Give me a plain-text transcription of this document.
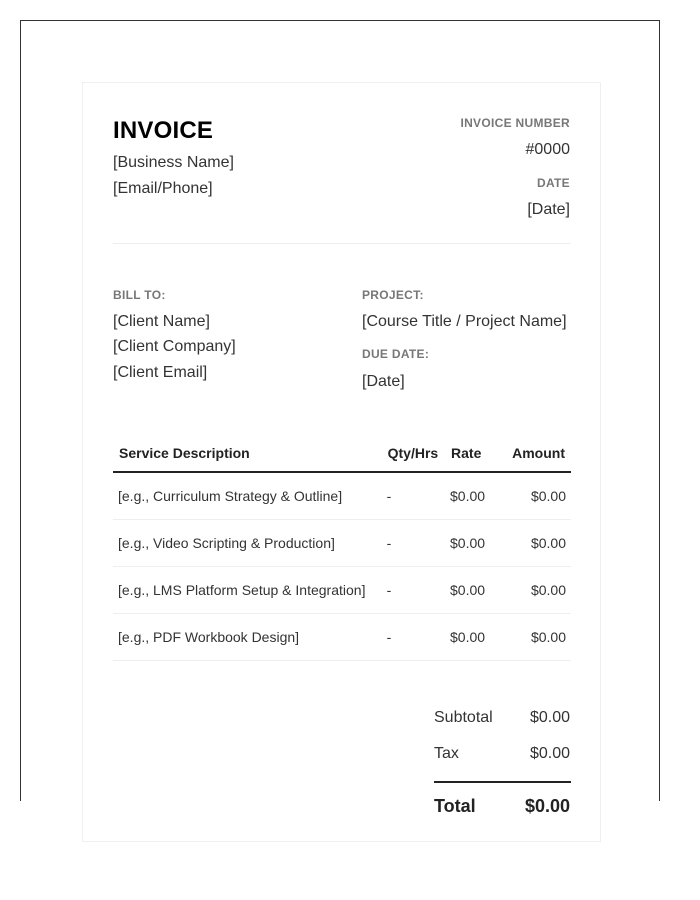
INVOICE
[Business Name]
[Email/Phone]
INVOICE NUMBER
#0000
DATE
[Date]
BILL TO:
[Client Name]
[Client Company]
[Client Email]
PROJECT:
[Course Title / Project Name]
DUE DATE:
[Date]
Service Description	Qty/Hrs	Rate	Amount
[e.g., Curriculum Strategy & Outline]	-	$0.00	$0.00
[e.g., Video Scripting & Production]	-	$0.00	$0.00
[e.g., LMS Platform Setup & Integration]	-	$0.00	$0.00
[e.g., PDF Workbook Design]	-	$0.00	$0.00
Subtotal $0.00
Tax	$0.00
Total	$0.00
